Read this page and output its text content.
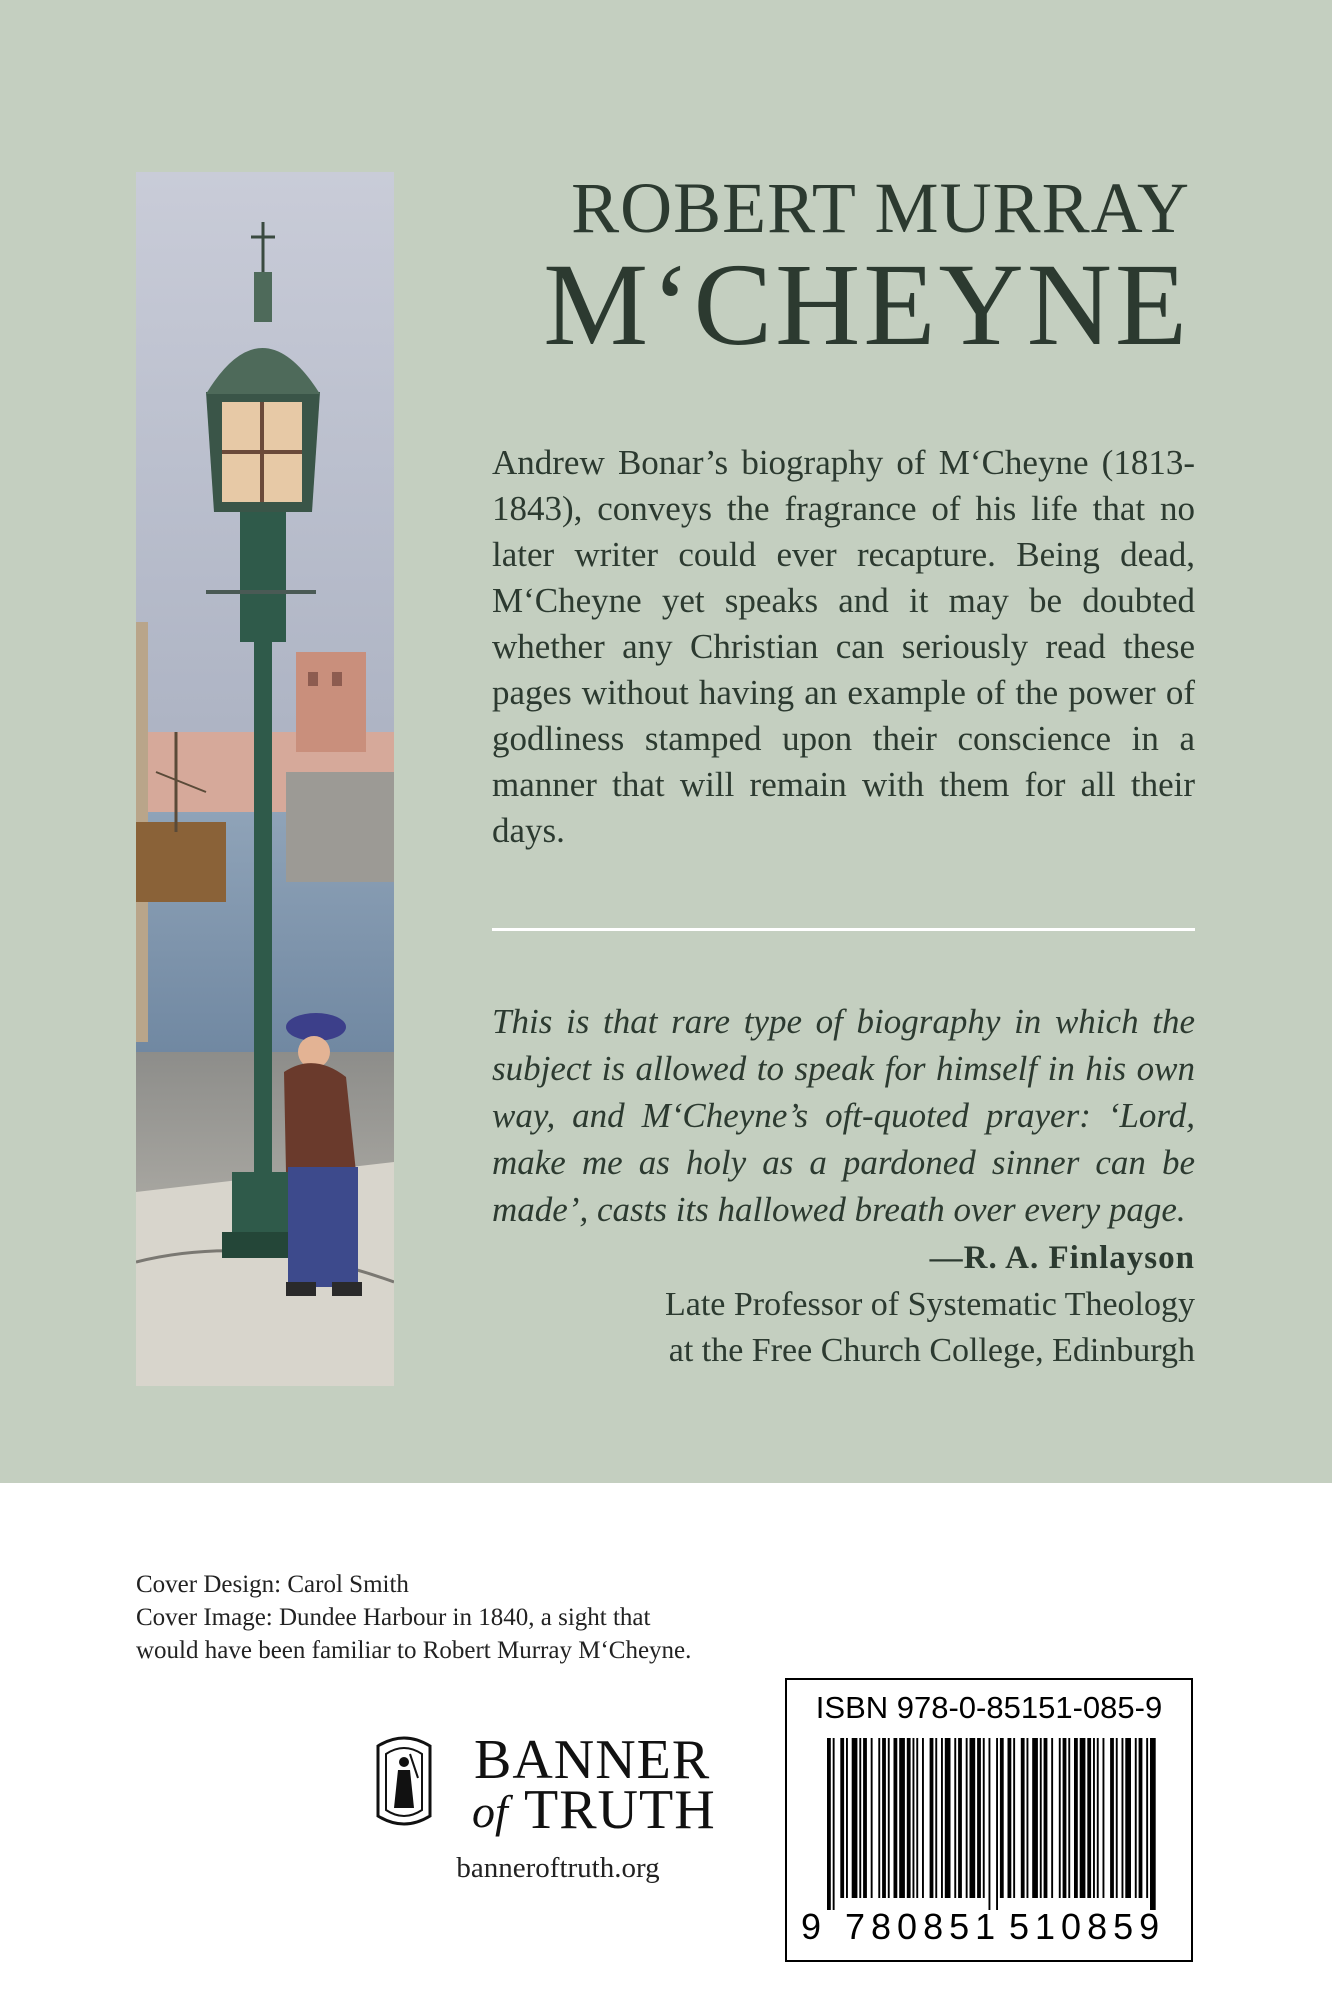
ROBERT MURRAY
M‘CHEYNE
Andrew Bonar’s biography of M‘Cheyne (1813-1843), conveys the fragrance of his life that no later writer could ever recapture. Being dead, M‘Cheyne yet speaks and it may be doubted whether any Christian can seriously read these pages without having an example of the power of godliness stamped upon their conscience in a manner that will remain with them for all their days.
This is that rare type of biography in which the subject is allowed to speak for himself in his own way, and M‘Cheyne’s oft-quoted prayer: ‘Lord, make me as holy as a pardoned sinner can be made’, casts its hallowed breath over every page.
—R. A. Finlayson
Late Professor of Systematic Theology
at the Free Church College, Edinburgh
Cover Design: Carol Smith
Cover Image: Dundee Harbour in 1840, a sight that
would have been familiar to Robert Murray M‘Cheyne.
BANNER
of TRUTH
banneroftruth.org
ISBN 978-0-85151-085-9
9 780851 510859
